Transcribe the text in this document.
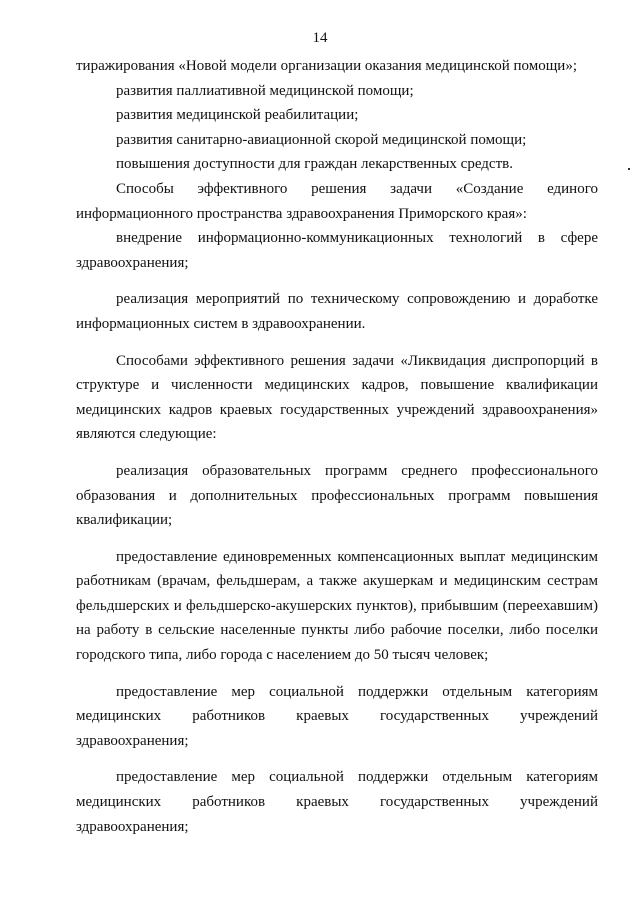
14

тиражирования «Новой модели организации оказания медицинской помощи»;

развития паллиативной медицинской помощи;

развития медицинской реабилитации;

развития санитарно-авиационной скорой медицинской помощи;

повышения доступности для граждан лекарственных средств.

Способы эффективного решения задачи «Создание единого информационного пространства здравоохранения Приморского края»:

внедрение информационно-коммуникационных технологий в сфере здравоохранения;

реализация мероприятий по техническому сопровождению и доработке информационных систем в здравоохранении.

Способами эффективного решения задачи «Ликвидация диспропорций в структуре и численности медицинских кадров, повышение квалификации медицинских кадров краевых государственных учреждений здравоохранения» являются следующие:

реализация образовательных программ среднего профессионального образования и дополнительных профессиональных программ повышения квалификации;

предоставление единовременных компенсационных выплат медицинским работникам (врачам, фельдшерам, а также акушеркам и медицинским сестрам фельдшерских и фельдшерско-акушерских пунктов), прибывшим (переехавшим) на работу в сельские населенные пункты либо рабочие поселки, либо поселки городского типа, либо города с населением до 50 тысяч человек;

предоставление мер социальной поддержки отдельным категориям медицинских работников краевых государственных учреждений здравоохранения;

предоставление мер социальной поддержки отдельным категориям медицинских работников краевых государственных учреждений здравоохранения;
